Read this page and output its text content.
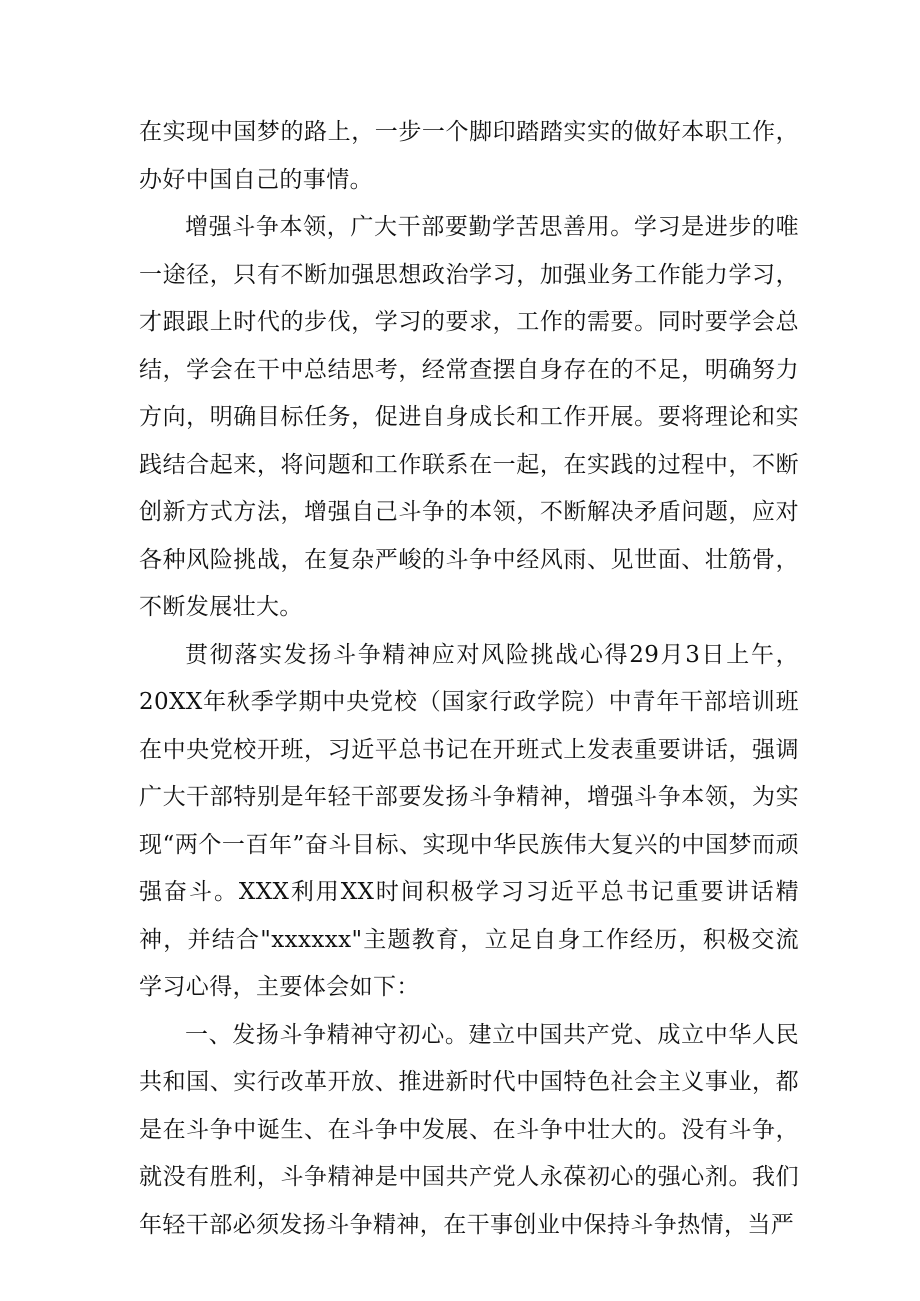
在实现中国梦的路上，一步一个脚印踏踏实实的做好本职工作，办好中国自己的事情。

增强斗争本领，广大干部要勤学苦思善用。学习是进步的唯一途径，只有不断加强思想政治学习，加强业务工作能力学习，才跟跟上时代的步伐，学习的要求，工作的需要。同时要学会总结，学会在干中总结思考，经常查摆自身存在的不足，明确努力方向，明确目标任务，促进自身成长和工作开展。要将理论和实践结合起来，将问题和工作联系在一起，在实践的过程中，不断创新方式方法，增强自己斗争的本领，不断解决矛盾问题，应对各种风险挑战，在复杂严峻的斗争中经风雨、见世面、壮筋骨，不断发展壮大。

贯彻落实发扬斗争精神应对风险挑战心得29月3日上午，20XX年秋季学期中央党校（国家行政学院）中青年干部培训班在中央党校开班，习近平总书记在开班式上发表重要讲话，强调广大干部特别是年轻干部要发扬斗争精神，增强斗争本领，为实现“两个一百年”奋斗目标、实现中华民族伟大复兴的中国梦而顽强奋斗。XXX利用XX时间积极学习习近平总书记重要讲话精神，并结合"xxxxxx"主题教育，立足自身工作经历，积极交流学习心得，主要体会如下：

一、发扬斗争精神守初心。建立中国共产党、成立中华人民共和国、实行改革开放、推进新时代中国特色社会主义事业，都是在斗争中诞生、在斗争中发展、在斗争中壮大的。没有斗争，就没有胜利，斗争精神是中国共产党人永葆初心的强心剂。我们年轻干部必须发扬斗争精神，在干事创业中保持斗争热情，当严
